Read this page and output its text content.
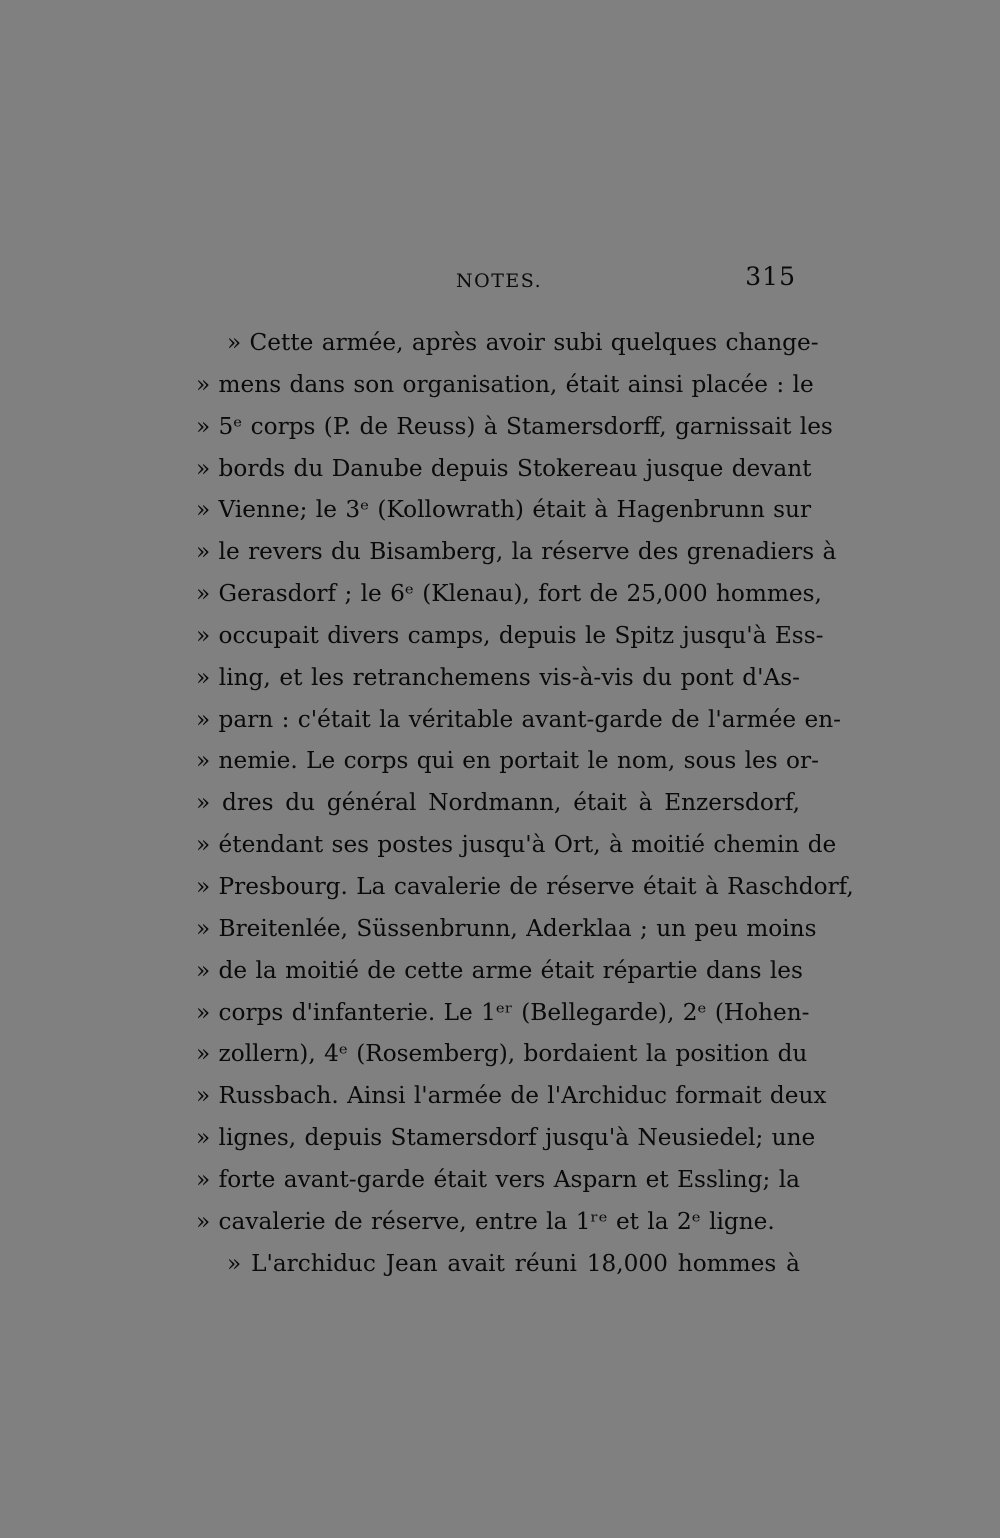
NOTES.	315
» Cette armée, après avoir subi quelques change-
» mens dans son organisation, était ainsi placée : le
» 5ᵉ corps (P. de Reuss) à Stamersdorff, garnissait les
» bords du Danube depuis Stokereau jusque devant
» Vienne; le 3ᵉ (Kollowrath) était à Hagenbrunn sur
» le revers du Bisamberg, la réserve des grenadiers à
» Gerasdorf ; le 6ᵉ (Klenau), fort de 25,000 hommes,
» occupait divers camps, depuis le Spitz jusqu'à Ess-
» ling, et les retranchemens vis-à-vis du pont d'As-
» parn : c'était la véritable avant-garde de l'armée en-
» nemie. Le corps qui en portait le nom, sous les or-
» dres du général Nordmann, était à Enzersdorf,
» étendant ses postes jusqu'à Ort, à moitié chemin de
» Presbourg. La cavalerie de réserve était à Raschdorf,
» Breitenlée, Süssenbrunn, Aderklaa ; un peu moins
» de la moitié de cette arme était répartie dans les
» corps d'infanterie. Le 1ᵉʳ (Bellegarde), 2ᵉ (Hohen-
» zollern), 4ᵉ (Rosemberg), bordaient la position du
» Russbach. Ainsi l'armée de l'Archiduc formait deux
» lignes, depuis Stamersdorf jusqu'à Neusiedel; une
» forte avant-garde était vers Asparn et Essling; la
» cavalerie de réserve, entre la 1ʳᵉ et la 2ᵉ ligne.
» L'archiduc Jean avait réuni 18,000 hommes à
